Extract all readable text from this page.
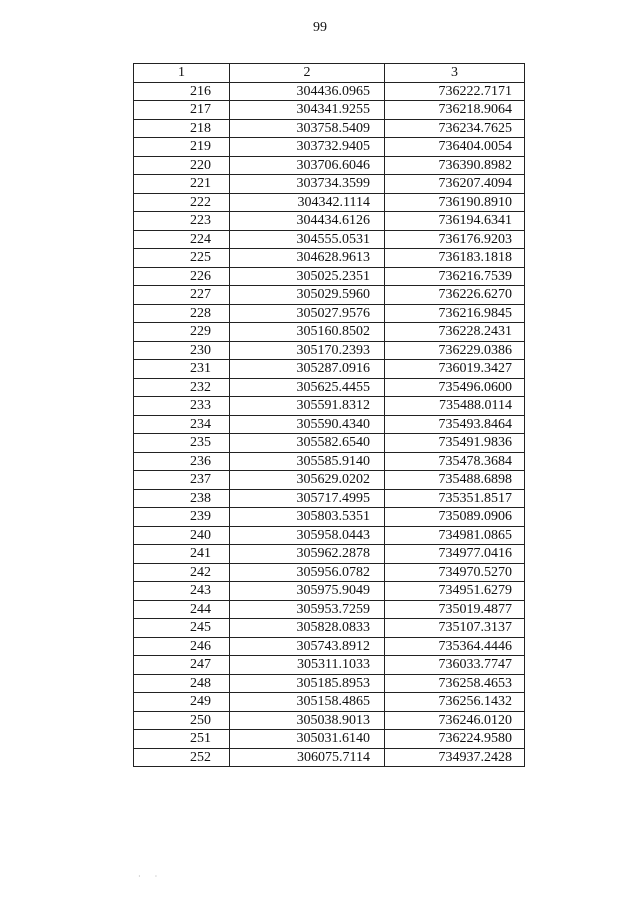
99
1	2	3
216	304436.0965	736222.7171
217	304341.9255	736218.9064
218	303758.5409	736234.7625
219	303732.9405	736404.0054
220	303706.6046	736390.8982
221	303734.3599	736207.4094
222	304342.1114	736190.8910
223	304434.6126	736194.6341
224	304555.0531	736176.9203
225	304628.9613	736183.1818
226	305025.2351	736216.7539
227	305029.5960	736226.6270
228	305027.9576	736216.9845
229	305160.8502	736228.2431
230	305170.2393	736229.0386
231	305287.0916	736019.3427
232	305625.4455	735496.0600
233	305591.8312	735488.0114
234	305590.4340	735493.8464
235	305582.6540	735491.9836
236	305585.9140	735478.3684
237	305629.0202	735488.6898
238	305717.4995	735351.8517
239	305803.5351	735089.0906
240	305958.0443	734981.0865
241	305962.2878	734977.0416
242	305956.0782	734970.5270
243	305975.9049	734951.6279
244	305953.7259	735019.4877
245	305828.0833	735107.3137
246	305743.8912	735364.4446
247	305311.1033	736033.7747
248	305185.8953	736258.4653
249	305158.4865	736256.1432
250	305038.9013	736246.0120
251	305031.6140	736224.9580
252	306075.7114	734937.2428
· ·
